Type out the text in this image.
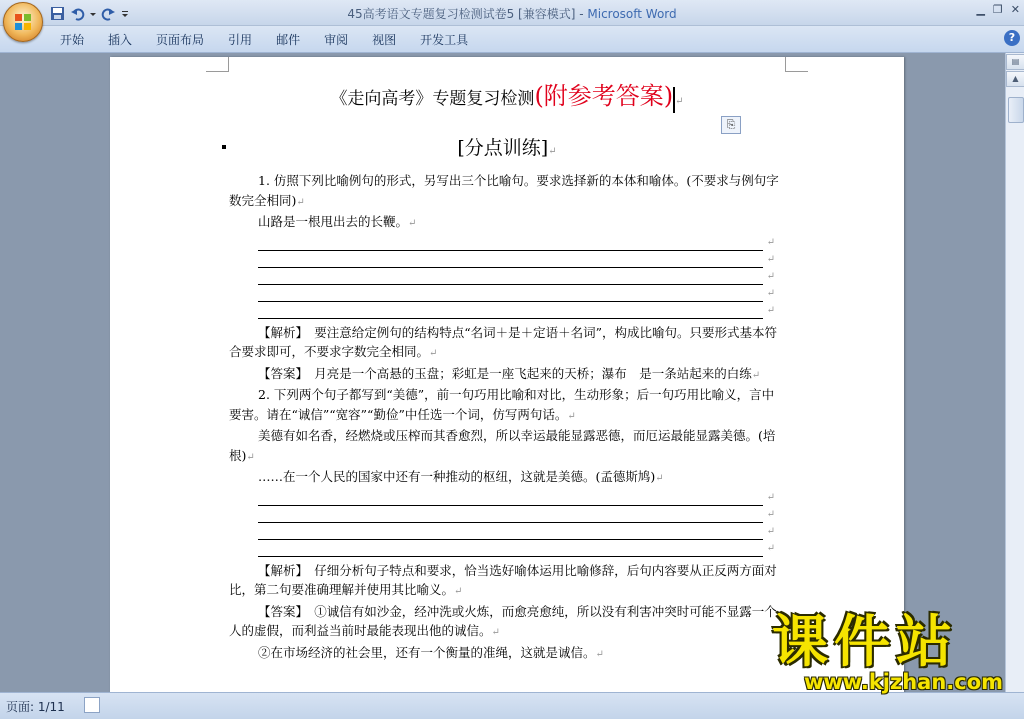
45高考语文专题复习检测试卷5 [兼容模式] - Microsoft Word	▁ ❐ ✕
开始	插入	页面布局	引用	邮件	审阅	视图	开发工具	?
⎘
《走向高考》专题复习检测(附参考答案) ↵
[分点训练]↵

1. 仿照下列比喻例句的形式，另写出三个比喻句。要求选择新的本体和喻体。(不要求与例句字数完全相同)↵

山路是一根甩出去的长鞭。↵

↵
↵
↵
↵
↵

【解析】　要注意给定例句的结构特点“名词＋是＋定语＋名词”，构成比喻句。只要形式基本符合要求即可，不要求字数完全相同。↵

【答案】　月亮是一个高悬的玉盘；彩虹是一座飞起来的天桥；瀑布　是一条站起来的白练↵

2. 下列两个句子都写到“美德”，前一句巧用比喻和对比，生动形象；后一句巧用比喻义，言中要害。请在“诚信”“宽容”“勤俭”中任选一个词，仿写两句话。↵

美德有如名香，经燃烧或压榨而其香愈烈，所以幸运最能显露恶德，而厄运最能显露美德。(培根)↵

……在一个人民的国家中还有一种推动的枢纽，这就是美德。(孟德斯鸠)↵

↵
↵
↵
↵

【解析】　仔细分析句子特点和要求，恰当选好喻体运用比喻修辞，后句内容要从正反两方面对比，第二句要准确理解并使用其比喻义。↵

【答案】　①诚信有如沙金，经冲洗或火炼，而愈亮愈纯，所以没有利害冲突时可能不显露一个人的虚假，而利益当前时最能表现出他的诚信。↵

②在市场经济的社会里，还有一个衡量的准绳，这就是诚信。↵

▤
▲
页面: 1/11
课件站
www.kjzhan.com
